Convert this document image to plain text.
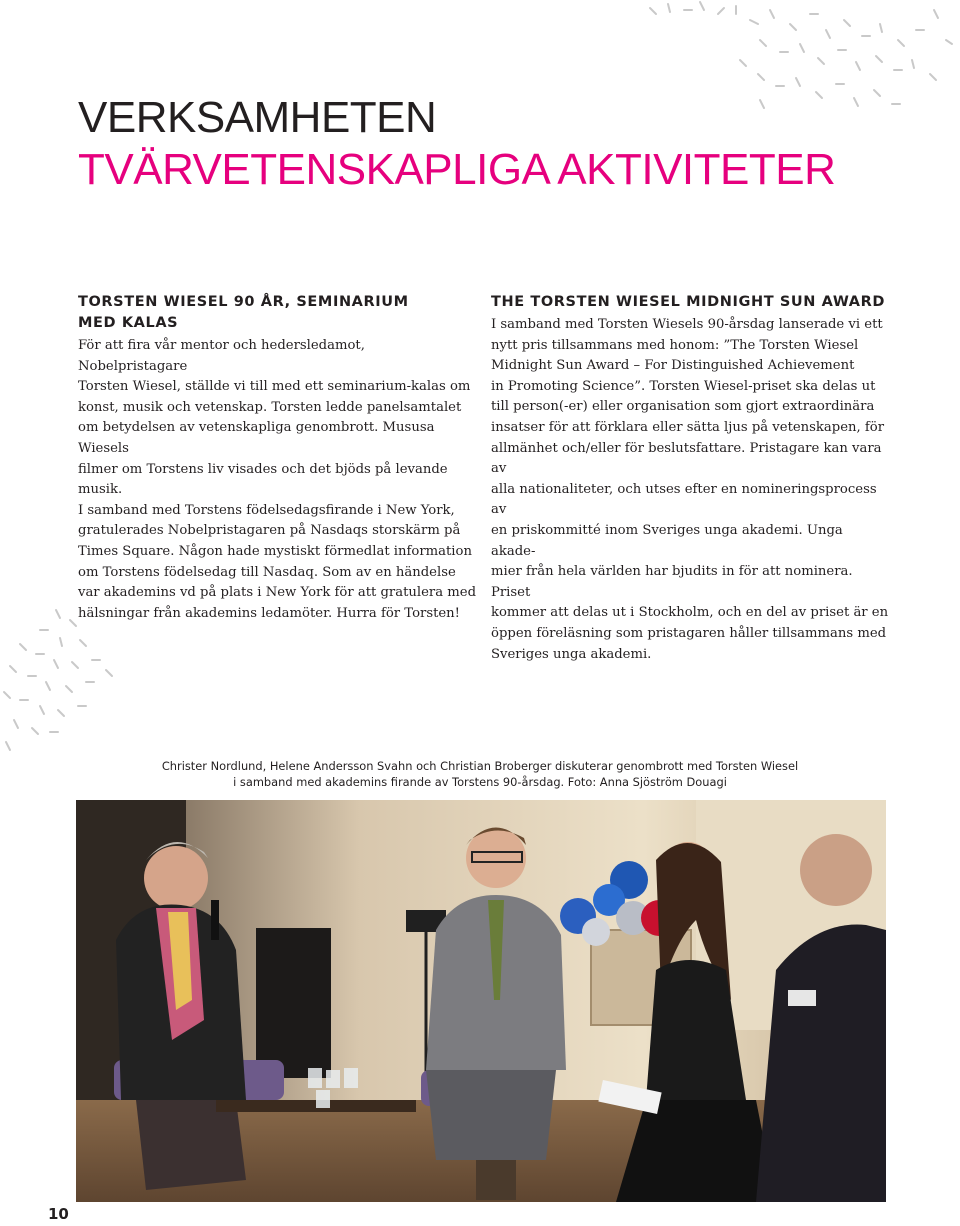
VERKSAMHETEN
TVÄRVETENSKAPLIGA AKTIVITETER
TORSTEN WIESEL 90 ÅR, SEMINARIUM
MED KALAS

För att fira vår mentor och hedersledamot, Nobelpristagare
Torsten Wiesel, ställde vi till med ett seminarium-kalas om
konst, musik och vetenskap. Torsten ledde panelsamtalet
om betydelsen av vetenskapliga genombrott. Mususa Wiesels
filmer om Torstens liv visades och det bjöds på levande musik.
I samband med Torstens födelsedagsfirande i New York,
gratulerades Nobelpristagaren på Nasdaqs storskärm på
Times Square. Någon hade mystiskt förmedlat information
om Torstens födelsedag till Nasdaq. Som av en händelse
var akademins vd på plats i New York för att gratulera med
hälsningar från akademins ledamöter. Hurra för Torsten!

THE TORSTEN WIESEL MIDNIGHT SUN AWARD

I samband med Torsten Wiesels 90-årsdag lanserade vi ett
nytt pris tillsammans med honom: ”The Torsten Wiesel
Midnight Sun Award – For Distinguished Achievement
in Promoting Science”. Torsten Wiesel-priset ska delas ut
till person(-er) eller organisation som gjort extraordinära
insatser för att förklara eller sätta ljus på vetenskapen, för
allmänhet och/eller för beslutsfattare. Pristagare kan vara av
alla nationaliteter, och utses efter en nomineringsprocess av
en priskommitté inom Sveriges unga akademi. Unga akade-
mier från hela världen har bjudits in för att nominera. Priset
kommer att delas ut i Stockholm, och en del av priset är en
öppen föreläsning som pristagaren håller tillsammans med
Sveriges unga akademi.

Christer Nordlund, Helene Andersson Svahn och Christian Broberger diskuterar genombrott med Torsten Wiesel
i samband med akademins firande av Torstens 90-årsdag. Foto: Anna Sjöström Douagi
10
